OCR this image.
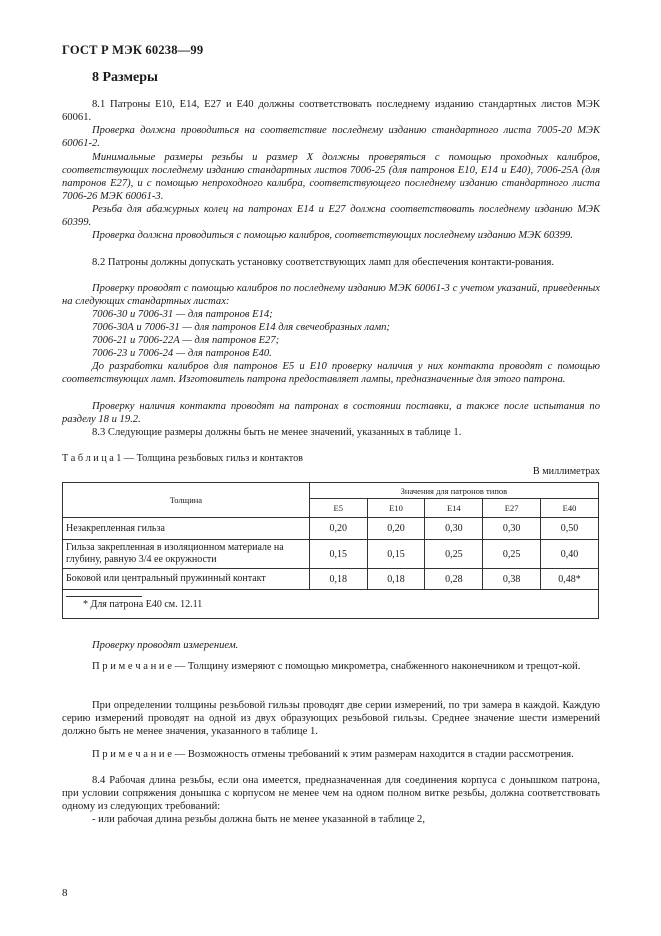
ГОСТ Р МЭК 60238—99
8 Размеры
8.1 Патроны Е10, Е14, Е27 и Е40 должны соответствовать последнему изданию стандартных листов МЭК 60061.
Проверка должна проводиться на соответствие последнему изданию стандартного листа 7005-20 МЭК 60061-2.
Минимальные размеры резьбы и размер X должны проверяться с помощью проходных калибров, соответствующих последнему изданию стандартных листов 7006-25 (для патронов Е10, Е14 и Е40), 7006-25А (для патронов Е27), и с помощью непроходного калибра, соответствующего последнему изданию стандартного листа 7006-26 МЭК 60061-3.
Резьба для абажурных колец на патронах Е14 и Е27 должна соответствовать последнему изданию МЭК 60399.
Проверка должна проводиться с помощью калибров, соответствующих последнему изданию МЭК 60399.
8.2 Патроны должны допускать установку соответствующих ламп для обеспечения контакти-рования.
Проверку проводят с помощью калибров по последнему изданию МЭК 60061-3 с учетом указаний, приведенных на следующих стандартных листах:
7006-30 и 7006-31 — для патронов Е14;
7006-30А и 7006-31 — для патронов Е14 для свечеобразных ламп;
7006-21 и 7006-22А — для патронов Е27;
7006-23 и 7006-24 — для патронов Е40.
До разработки калибров для патронов Е5 и Е10 проверку наличия у них контакта проводят с помощью соответствующих ламп. Изготовитель патрона предоставляет лампы, предназначенные для этого патрона.
Проверку наличия контакта проводят на патронах в состоянии поставки, а также после испытания по разделу 18 и 19.2.
8.3 Следующие размеры должны быть не менее значений, указанных в таблице 1.
Т а б л и ц а 1 — Толщина резьбовых гильз и контактов
В миллиметрах
Толщина	Значения для патронов типов				
	Е5	Е10	Е14	Е27	Е40
Незакрепленная гильза	0,20	0,20	0,30	0,30	0,50
Гильза закрепленная в изоляционном материале на глубину, равную 3/4 ее окружности	0,15	0,15	0,25	0,25	0,40
Боковой или центральный пружинный контакт	0,18	0,18	0,28	0,38	0,48*

* Для патрона Е40 см. 12.11					
Проверку проводят измерением.
П р и м е ч а н и е — Толщину измеряют с помощью микрометра, снабженного наконечником и трещот-кой.
При определении толщины резьбовой гильзы проводят две серии измерений, по три замера в каждой. Каждую серию измерений проводят на одной из двух образующих резьбовой гильзы. Среднее значение шести измерений должно быть не менее значения, указанного в таблице 1.
П р и м е ч а н и е — Возможность отмены требований к этим размерам находится в стадии рассмотрения.
8.4 Рабочая длина резьбы, если она имеется, предназначенная для соединения корпуса с донышком патрона, при условии сопряжения донышка с корпусом не менее чем на одном полном витке резьбы, должна соответствовать одному из следующих требований:
- или рабочая длина резьбы должна быть не менее указанной в таблице 2,
8
